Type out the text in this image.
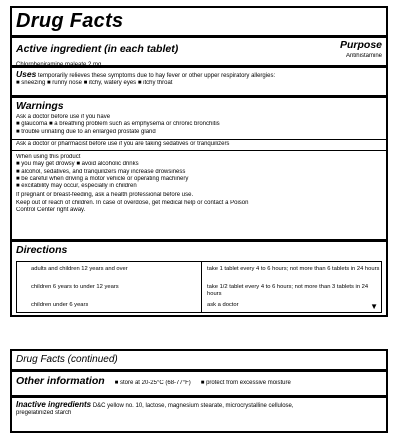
Drug Facts
Active ingredient (in each tablet)	Purpose
Antihistamine
Uses temporarily relieves these symptoms due to hay fever or other upper respiratory allergies:
■ sneezing ■ runny nose ■ itchy, watery eyes ■ itchy throat
Warnings
Ask a doctor before use if you have
■ glaucoma ■ a breathing problem such as emphysema or chronic bronchitis
■ trouble urinating due to an enlarged prostate gland
Ask a doctor or pharmacist before use if you are taking sedatives or tranquilizers
When using this product
■ you may get drowsy ■ avoid alcoholic drinks
■ alcohol, sedatives, and tranquilizers may increase drowsiness
■ be careful when driving a motor vehicle or operating machinery
■ excitability may occur, especially in children
If pregnant or breast-feeding, ask a health professional before use.
Keep out of reach of children. In case of overdose, get medical help or contact a Poison
Control Center right away.
Directions
adults and children 12 years and over
children 6 years to under 12 years
children under 6 years
take 1 tablet every 4 to 6 hours; not more than 6 tablets in 24 hours
take 1/2 tablet every 4 to 6 hours; not more than 3 tablets in 24 hours
ask a doctor	▼
Drug Facts (continued)
Other information ■ store at 20-25°C (68-77°F) ■ protect from excessive moisture
Inactive ingredients D&C yellow no. 10, lactose, magnesium stearate, microcrystalline cellulose,
pregelatinized starch
